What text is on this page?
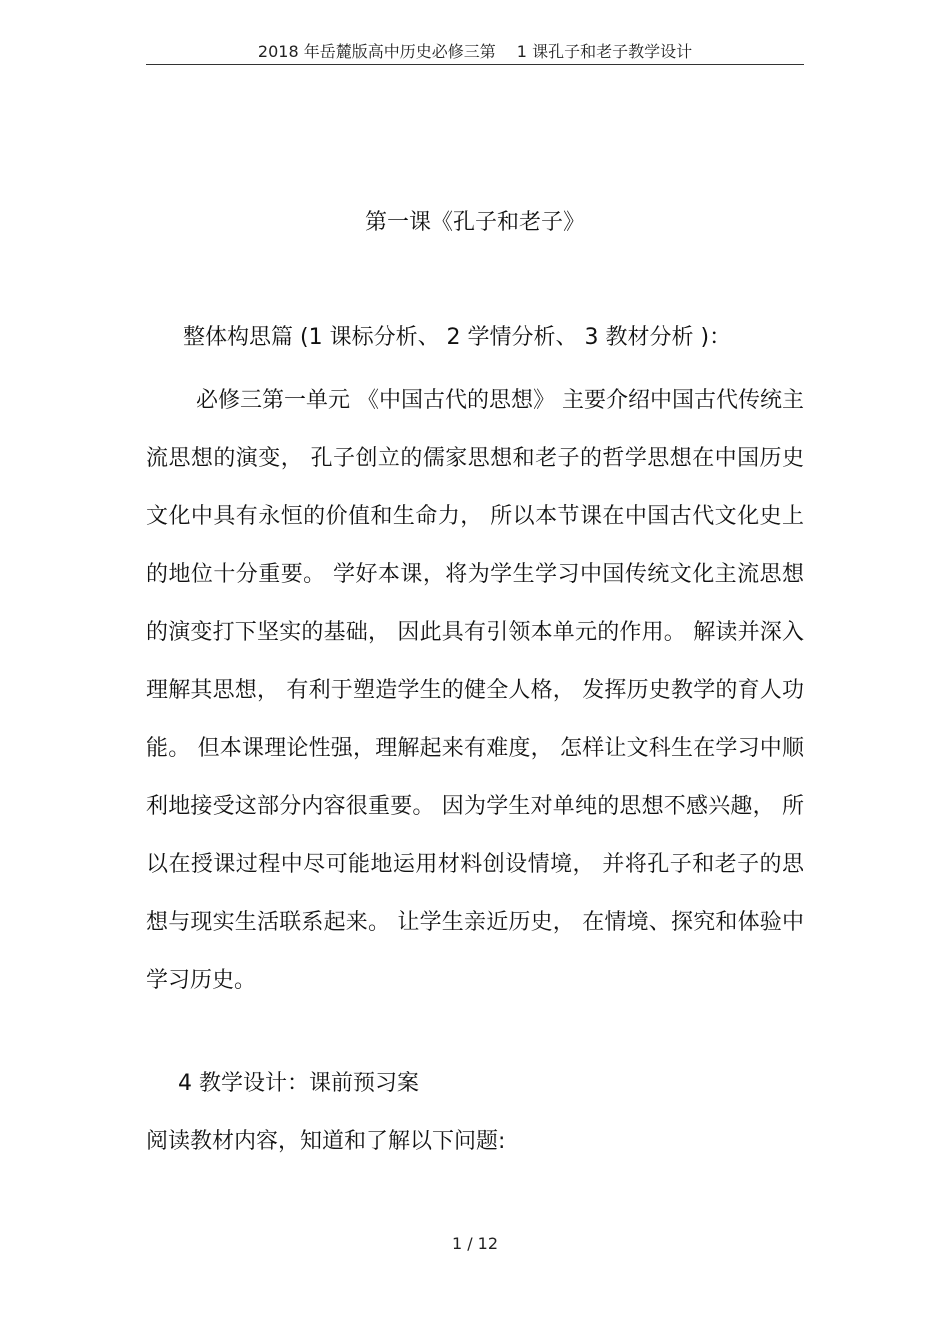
2018 年岳麓版高中历史必修三第　 1 课孔子和老子教学设计
第一课《孔子和老子》
整体构思篇 (1 课标分析、 2 学情分析、 3 教材分析 )：

必修三第一单元 《中国古代的思想》 主要介绍中国古代传统主流思想的演变， 孔子创立的儒家思想和老子的哲学思想在中国历史文化中具有永恒的价值和生命力， 所以本节课在中国古代文化史上的地位十分重要。 学好本课，将为学生学习中国传统文化主流思想的演变打下坚实的基础， 因此具有引领本单元的作用。 解读并深入理解其思想， 有利于塑造学生的健全人格， 发挥历史教学的育人功能。 但本课理论性强，理解起来有难度， 怎样让文科生在学习中顺利地接受这部分内容很重要。 因为学生对单纯的思想不感兴趣， 所以在授课过程中尽可能地运用材料创设情境， 并将孔子和老子的思想与现实生活联系起来。 让学生亲近历史， 在情境、探究和体验中学习历史。

4 教学设计：课前预习案
阅读教材内容，知道和了解以下问题:
1 / 12
